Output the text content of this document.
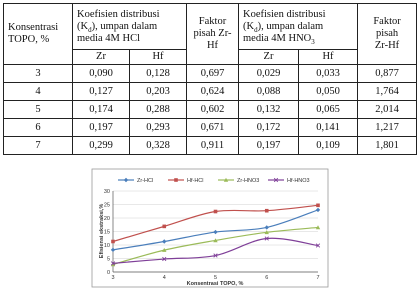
Konsentrasi
TOPO, %	Koefisien distribusi
$(K_d)$, umpan dalam
media 4M HCl		Faktor
pisah Zr-
Hf	Koefisien distribusi
$(K_d)$, umpan dalam
media 4M $HNO_3$		Faktor
pisah
Zr-Hf
	Zr	Hf		Zr	Hf	
3	0,090	0,128	0,697	0,029	0,033	0,877
4	0,127	0,203	0,624	0,088	0,050	1,764
5	0,174	0,288	0,602	0,132	0,065	2,014
6	0,197	0,293	0,671	0,172	0,141	1,217
7	0,299	0,328	0,911	0,197	0,109	1,801
Zr-HCl	Hf-HCl	Zr-HNO3	Hf-HNO3
0
5
10
15
20
25
30
3	4	5	6	7
Konsentrasi TOPO, %
Efisiensi ekstraksi,%
